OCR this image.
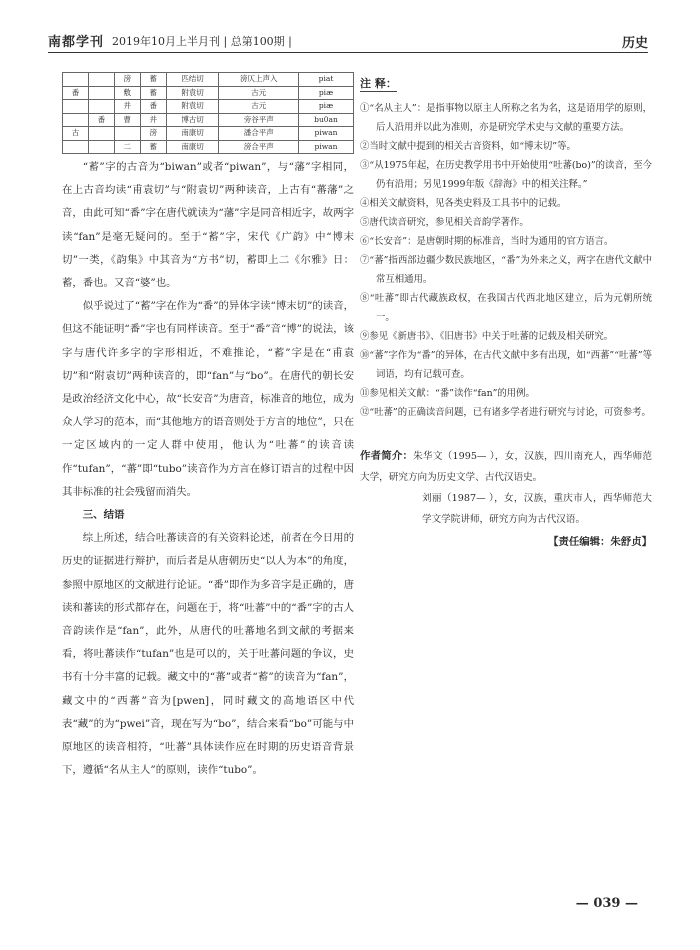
南都学刊 2019年10月上半月刊 | 总第100期 |	历史
		滂	蓄	匹结切	滂仄上声入	piat
番		敷	蓄	附袁切	古元	piæ
		并	番	附袁切	古元	piæ
	番	曹	并	博古切	旁谷平声	bu0an
古			滂	南康切	潘合平声	piwan
		二	蓄	南康切	滂合平声	piwan

“蓄”字的古音为“biwan”或者“piwan”，与“藩”字相同，在上古音均读“甫袁切”与“附袁切”两种读音，上古有“蕃藩”之音，由此可知“番”字在唐代就读为“藩”字是同音相近字，故两字读“fan”是毫无疑问的。至于“蓄”字，宋代《广韵》中“博末切”一类，《韵集》中其音为“方书”切，蓄即上二《尔雅》日：蓄，番也。又音“婆”也。

似乎说过了“蓄”字在作为“番”的异体字读“博末切”的读音，但这不能证明“番”字也有同样读音。至于“番”音“博”的说法，该字与唐代许多字的字形相近，不难推论，“蓄”字是在“甫袁切”和“附袁切”两种读音的，即“fan”与“bo”。在唐代的朝长安是政治经济文化中心，故“长安音”为唐音，标准音的地位，成为众人学习的范本，而“其他地方的语音则处于方言的地位”，只在一定区域内的一定人群中使用，他认为“吐蕃”的读音读作“tufan”，“蕃”即“tubo”读音作为方言在修订语言的过程中因其非标准的社会残留而消失。

三、结语

综上所述，结合吐蕃读音的有关资料论述，前者在今日用的历史的证据进行辩护，而后者是从唐朝历史“以人为本”的角度，参照中原地区的文献进行论证。“番”即作为多音字是正确的，唐读和蕃读的形式都存在，问题在于，将“吐蕃”中的“番”字的古人音韵读作是“fan”，此外，从唐代的吐蕃地名到文献的考据来看，将吐蕃读作“tufan”也是可以的，关于吐蕃问题的争议，史书有十分丰富的记载。藏文中的“蕃”或者“蓄”的读音为“fan”，藏文中的“西蕃”音为[pwen]，同时藏文的高地语区中代表“藏”的为“pwei”音，现在写为“bo”，结合来看“bo”可能与中原地区的读音相符，“吐蕃”具体读作应在时期的历史语音背景下，遵循“名从主人”的原则，读作“tubo”。

注 释：

①“名从主人”：是指事物以原主人所称之名为名，这是语用学的原则，后人沿用并以此为准则，亦是研究学术史与文献的重要方法。

②当时文献中提到的相关古音资料，如“博末切”等。

③“从1975年起，在历史教学用书中开始使用“吐蕃(bo)”的读音，至今仍有沿用；另见1999年版《辞海》中的相关注释。”

④相关文献资料，见各类史料及工具书中的记载。

⑤唐代读音研究，参见相关音韵学著作。

⑥“长安音”：是唐朝时期的标准音，当时为通用的官方语言。

⑦“蕃”指西部边疆少数民族地区，“番”为外来之义，两字在唐代文献中常互相通用。

⑧“吐蕃”即古代藏族政权，在我国古代西北地区建立，后为元朝所统一。

⑨参见《新唐书》、《旧唐书》中关于吐蕃的记载及相关研究。

⑩“蕃”字作为“番”的异体，在古代文献中多有出现，如“西蕃”“吐蕃”等词语，均有记载可查。

⑪参见相关文献：“番”读作“fan”的用例。

⑫“吐蕃”的正确读音问题，已有诸多学者进行研究与讨论，可资参考。

作者简介：朱华文（1995— ），女，汉族，四川南充人，西华师范大学，研究方向为历史文学、古代汉语史。

刘丽（1987— ），女，汉族，重庆市人，西华师范大学文学院讲师，研究方向为古代汉语。

【责任编辑：朱舒贞】
— 039 —
